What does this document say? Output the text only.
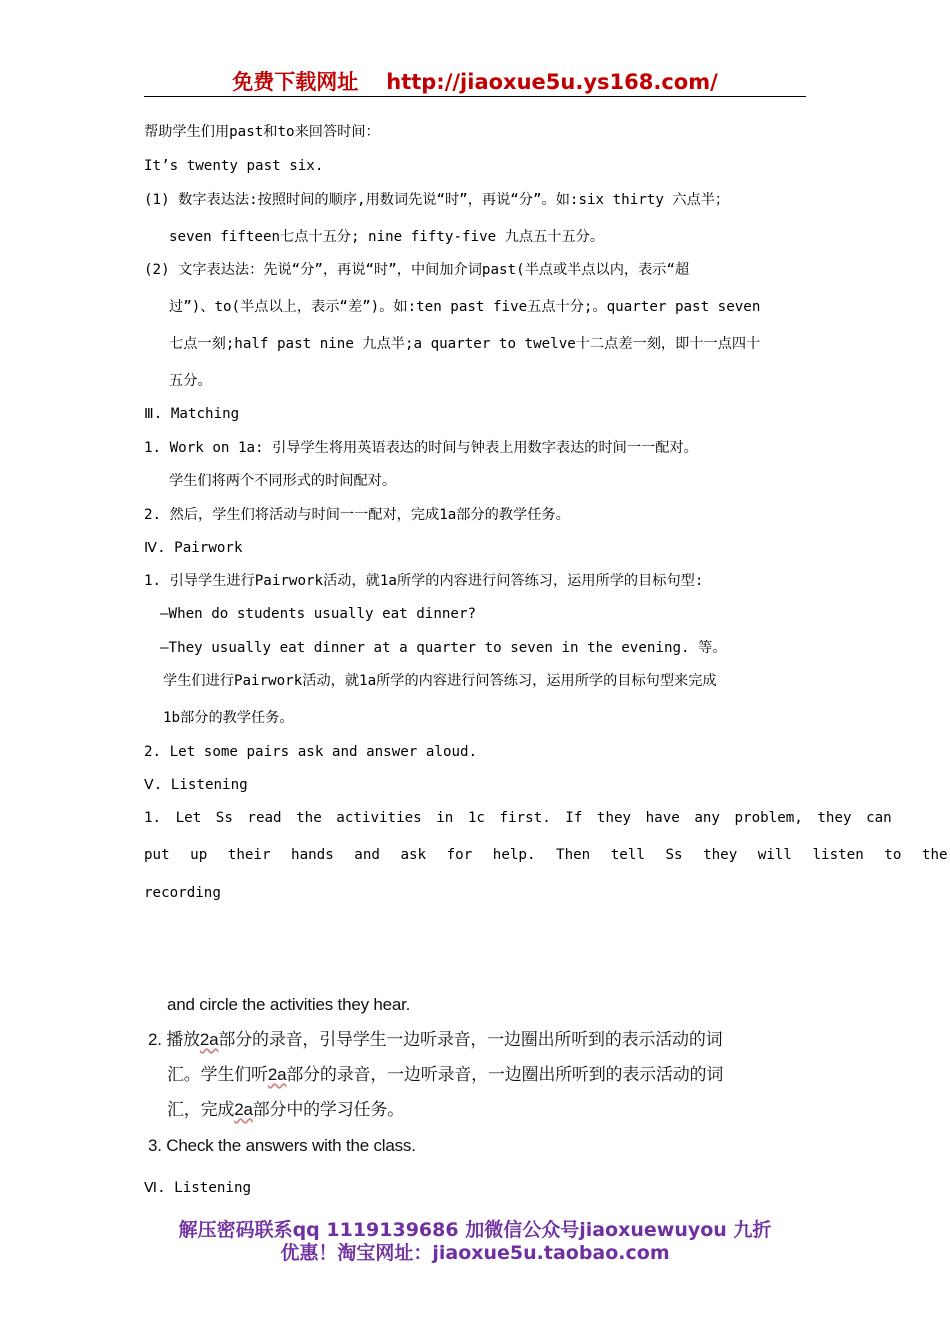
免费下载网址 http://jiaoxue5u.ys168.com/
帮助学生们用past和to来回答时间：
It’s twenty past six.
(1) 数字表达法:按照时间的顺序,用数词先说“时”，再说“分”。如:six thirty 六点半；
seven fifteen七点十五分; nine fifty-five 九点五十五分。
(2) 文字表达法：先说“分”，再说“时”，中间加介词past(半点或半点以内，表示“超
过”)、to(半点以上，表示“差”)。如:ten past five五点十分;。quarter past seven
七点一刻;half past nine 九点半;a quarter to twelve十二点差一刻，即十一点四十
五分。
Ⅲ. Matching
1. Work on 1a: 引导学生将用英语表达的时间与钟表上用数字表达的时间一一配对。
学生们将两个不同形式的时间配对。
2. 然后，学生们将活动与时间一一配对，完成1a部分的教学任务。
Ⅳ. Pairwork
1. 引导学生进行Pairwork活动，就1a所学的内容进行问答练习，运用所学的目标句型:
—When do students usually eat dinner?
—They usually eat dinner at a quarter to seven in the evening. 等。
学生们进行Pairwork活动，就1a所学的内容进行问答练习，运用所学的目标句型来完成
1b部分的教学任务。
2. Let some pairs ask and answer aloud.
Ⅴ. Listening
1. Let Ss read the activities in 1c first. If they have any problem, they can
put up their hands and ask for help. Then tell Ss they will listen to the
recording
and circle the activities they hear.
2. 播放2a部分的录音，引导学生一边听录音，一边圈出所听到的表示活动的词
汇。学生们听2a部分的录音，一边听录音，一边圈出所听到的表示活动的词
汇，完成2a部分中的学习任务。
3. Check the answers with the class.
Ⅵ. Listening
解压密码联系qq 1119139686 加微信公众号jiaoxuewuyou 九折
优惠！淘宝网址：jiaoxue5u.taobao.com
